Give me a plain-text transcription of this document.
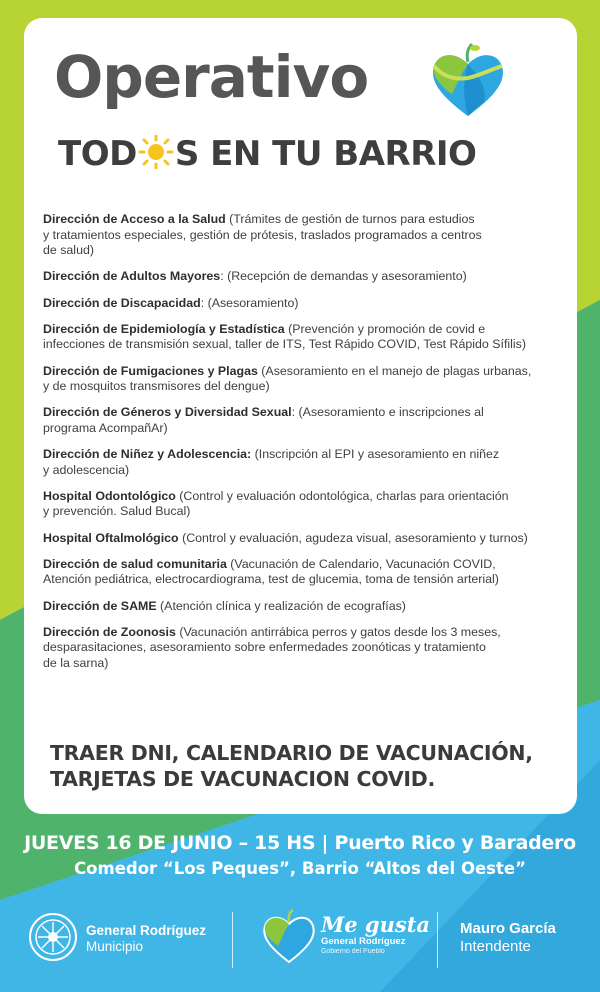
Operativo
TOD S EN TU BARRIO
Dirección de Acceso a la Salud (Trámites de gestión de turnos para estudios
y tratamientos especiales, gestión de prótesis, traslados programados a centros
de salud)
Dirección de Adultos Mayores: (Recepción de demandas y asesoramiento)
Dirección de Discapacidad: (Asesoramiento)
Dirección de Epidemiología y Estadística (Prevención y promoción de covid e
infecciones de transmisión sexual, taller de ITS, Test Rápido COVID, Test Rápido Sífilis)
Dirección de Fumigaciones y Plagas (Asesoramiento en el manejo de plagas urbanas,
y de mosquitos transmisores del dengue)
Dirección de Géneros y Diversidad Sexual: (Asesoramiento e inscripciones al
programa AcompañAr)
Dirección de Niñez y Adolescencia: (Inscripción al EPI y asesoramiento en niñez
y adolescencia)
Hospital Odontológico (Control y evaluación odontológica, charlas para orientación
y prevención. Salud Bucal)
Hospital Oftalmológico (Control y evaluación, agudeza visual, asesoramiento y turnos)
Dirección de salud comunitaria (Vacunación de Calendario, Vacunación COVID,
Atención pediátrica, electrocardiograma, test de glucemia, toma de tensión arterial)
Dirección de SAME (Atención clínica y realización de ecografías)
Dirección de Zoonosis (Vacunación antirrábica perros y gatos desde los 3 meses,
desparasitaciones, asesoramiento sobre enfermedades zoonóticas y tratamiento
de la sarna)
TRAER DNI, CALENDARIO DE VACUNACIÓN,
TARJETAS DE VACUNACION COVID.
JUEVES 16 DE JUNIO – 15 HS | Puerto Rico y Baradero
Comedor “Los Peques”, Barrio “Altos del Oeste”
General Rodríguez
Municipio
Me gusta
General Rodríguez
Gobierno del Pueblo
Mauro García
Intendente
